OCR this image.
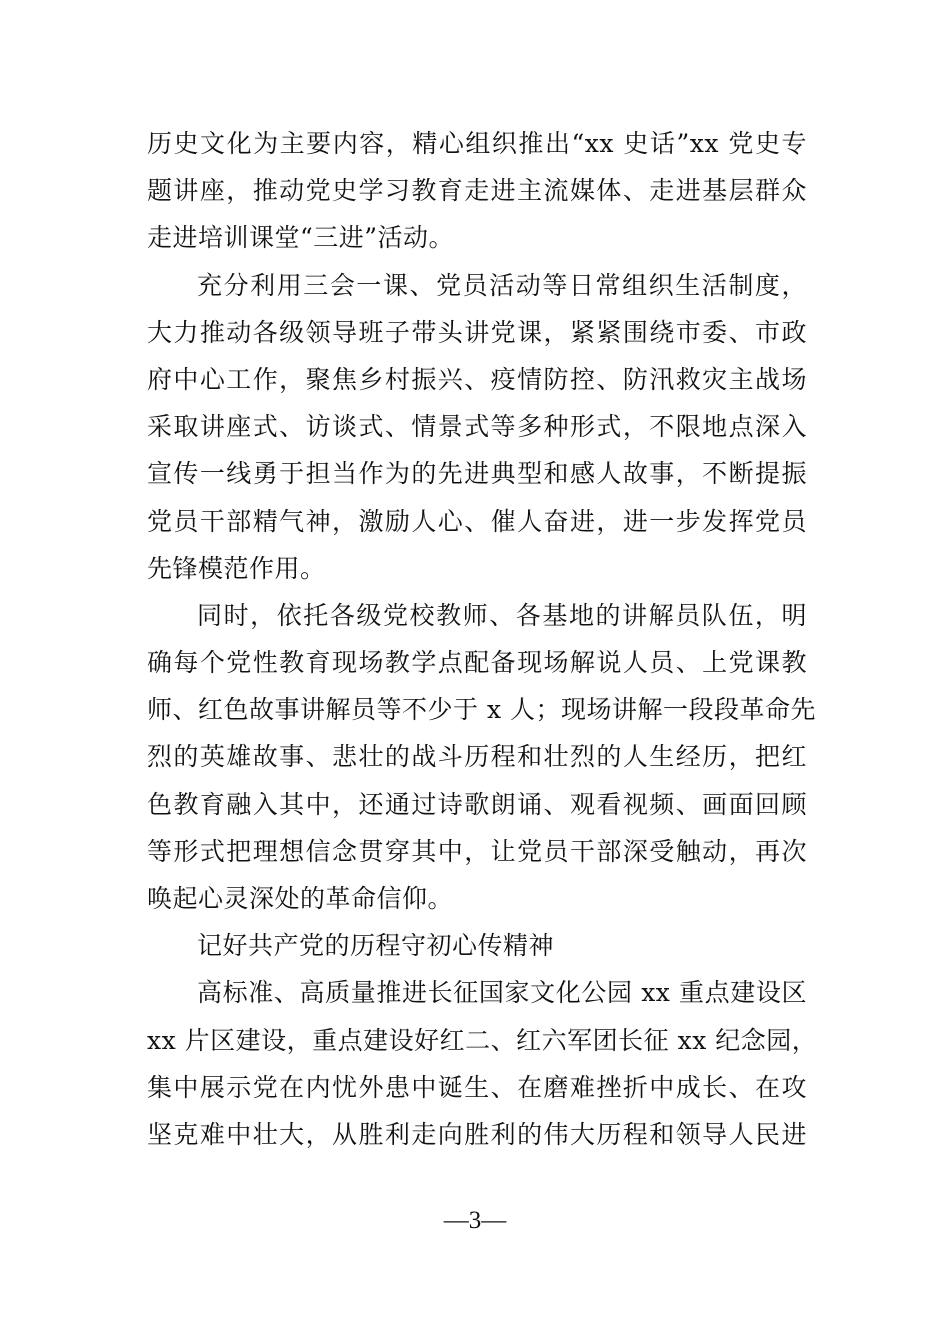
历史文化为主要内容，精心组织推出“xx 史话”xx 党史专
题讲座，推动党史学习教育走进主流媒体、走进基层群众
走进培训课堂“三进”活动。
充分利用三会一课、党员活动等日常组织生活制度，
大力推动各级领导班子带头讲党课，紧紧围绕市委、市政
府中心工作，聚焦乡村振兴、疫情防控、防汛救灾主战场
采取讲座式、访谈式、情景式等多种形式，不限地点深入
宣传一线勇于担当作为的先进典型和感人故事，不断提振
党员干部精气神，激励人心、催人奋进，进一步发挥党员
先锋模范作用。
同时，依托各级党校教师、各基地的讲解员队伍，明
确每个党性教育现场教学点配备现场解说人员、上党课教
师、红色故事讲解员等不少于 x 人；现场讲解一段段革命先
烈的英雄故事、悲壮的战斗历程和壮烈的人生经历，把红
色教育融入其中，还通过诗歌朗诵、观看视频、画面回顾
等形式把理想信念贯穿其中，让党员干部深受触动，再次
唤起心灵深处的革命信仰。
记好共产党的历程守初心传精神
高标准、高质量推进长征国家文化公园 xx 重点建设区
xx 片区建设，重点建设好红二、红六军团长征 xx 纪念园，
集中展示党在内忧外患中诞生、在磨难挫折中成长、在攻
坚克难中壮大，从胜利走向胜利的伟大历程和领导人民进
—3—
